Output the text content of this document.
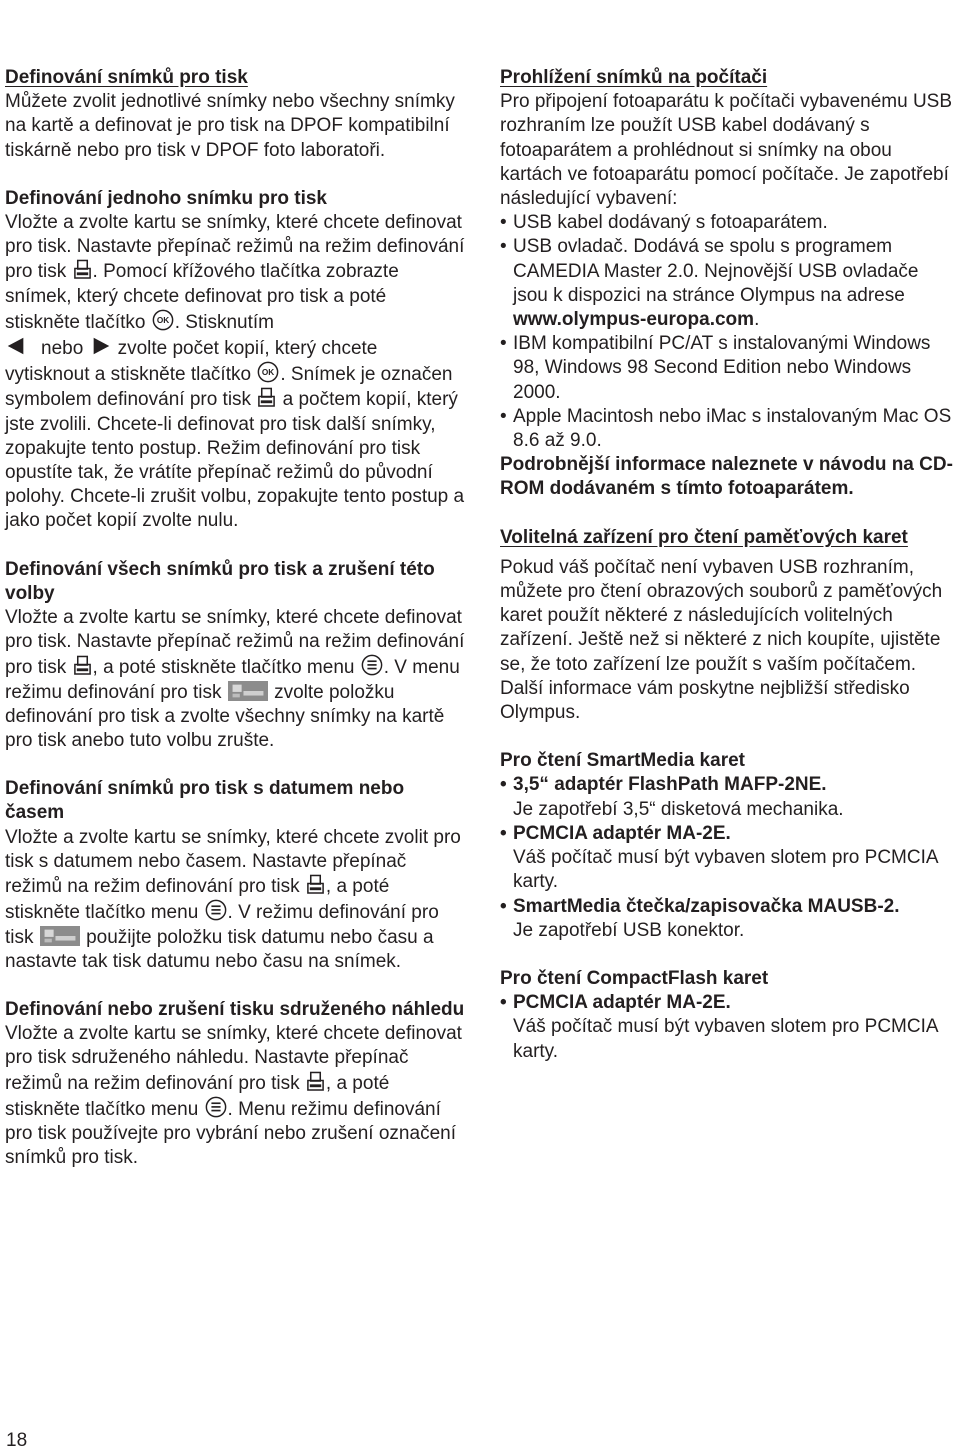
Definování snímků pro tisk

Můžete zvolit jednotlivé snímky nebo všechny snímky na kartě a definovat je pro tisk na DPOF kompatibilní tiskárně nebo pro tisk v DPOF foto laboratoři.

Definování jednoho snímku pro tisk

Vložte a zvolte kartu se snímky, které chcete definovat pro tisk. Nastavte přepínač režimů na režim definování pro tisk . Pomocí křížového tlačítka zobrazte snímek, který chcete definovat pro tisk a poté stiskněte tlačítko . Stisknutím
nebo zvolte počet kopií, který chcete vytisknout a stiskněte tlačítko . Snímek je označen symbolem definování pro tisk a počtem kopií, který jste zvolili. Chcete-li definovat pro tisk další snímky, zopakujte tento postup. Režim definování pro tisk opustíte tak, že vrátíte přepínač režimů do původní polohy. Chcete-li zrušit volbu, zopakujte tento postup a jako počet kopií zvolte nulu.

Definování všech snímků pro tisk a zrušení této volby

Vložte a zvolte kartu se snímky, které chcete definovat pro tisk. Nastavte přepínač režimů na režim definování pro tisk , a poté stiskněte tlačítko menu . V menu režimu definování pro tisk	zvolte položku definování pro tisk a zvolte všechny snímky na kartě pro tisk anebo tuto volbu zrušte.

Definování snímků pro tisk s datumem nebo časem

Vložte a zvolte kartu se snímky, které chcete zvolit pro tisk s datumem nebo časem. Nastavte přepínač režimů na režim definování pro tisk , a poté stiskněte tlačítko menu . V režimu definování pro tisk	použijte položku tisk datumu nebo času a nastavte tak tisk datumu nebo času na snímek.

Definování nebo zrušení tisku sdruženého náhledu

Vložte a zvolte kartu se snímky, které chcete definovat pro tisk sdruženého náhledu. Nastavte přepínač režimů na režim definování pro tisk , a poté stiskněte tlačítko menu . Menu režimu definování pro tisk používejte pro vybrání nebo zrušení označení snímků pro tisk.

Prohlížení snímků na počítači

Pro připojení fotoaparátu k počítači vybavenému USB rozhraním lze použít USB kabel dodávaný s fotoaparátem a prohlédnout si snímky na obou kartách ve fotoaparátu pomocí počítače. Je zapotřebí následující vybavení:

• USB kabel dodávaný s fotoaparátem.
• USB ovladač. Dodává se spolu s programem CAMEDIA Master 2.0. Nejnovější USB ovladače jsou k dispozici na stránce Olympus na adrese www.olympus-europa.com.
• IBM kompatibilní PC/AT s instalovanými Windows 98, Windows 98 Second Edition nebo Windows 2000.
• Apple Macintosh nebo iMac s instalovaným Mac OS 8.6 až 9.0.

Podrobnější informace naleznete v návodu na CD-ROM dodávaném s tímto fotoaparátem.

Volitelná zařízení pro čtení paměťových karet

Pokud váš počítač není vybaven USB rozhraním, můžete pro čtení obrazových souborů z paměťových karet použít některé z následujících volitelných zařízení. Ještě než si některé z nich koupíte, ujistěte se, že toto zařízení lze použít s vaším počítačem. Další informace vám poskytne nejbližší středisko Olympus.

Pro čtení SmartMedia karet

• 3,5“ adaptér FlashPath MAFP-2NE.

Je zapotřebí 3,5“ disketová mechanika.

• PCMCIA adaptér MA-2E.

Váš počítač musí být vybaven slotem pro PCMCIA karty.

• SmartMedia čtečka/zapisovačka MAUSB-2.

Je zapotřebí USB konektor.

Pro čtení CompactFlash karet

• PCMCIA adaptér MA-2E.

Váš počítač musí být vybaven slotem pro PCMCIA karty.

18
